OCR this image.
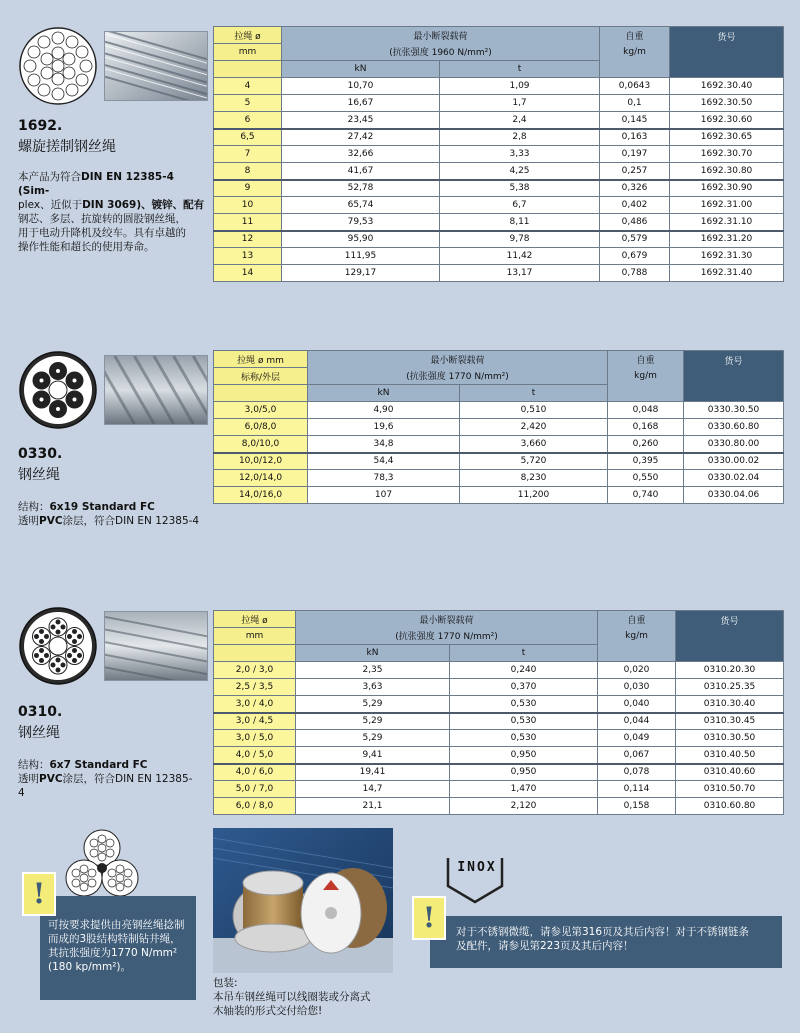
1692.
螺旋搓制钢丝绳
本产品为符合DIN EN 12385-4 (Sim-
plex、近似于DIN 3069)、镀锌、配有
钢芯、多层、抗旋转的圆股钢丝绳，
用于电动升降机及绞车。具有卓越的
操作性能和超长的使用寿命。
拉绳 ø	最小断裂载荷		自重	货号
mm	(抗张强度 1960 N/mm²)		kg/m	
	kN	t		
4	10,70	1,09	0,0643	1692.30.40
5	16,67	1,7	0,1	1692.30.50
6	23,45	2,4	0,145	1692.30.60
6,5	27,42	2,8	0,163	1692.30.65
7	32,66	3,33	0,197	1692.30.70
8	41,67	4,25	0,257	1692.30.80
9	52,78	5,38	0,326	1692.30.90
10	65,74	6,7	0,402	1692.31.00
11	79,53	8,11	0,486	1692.31.10
12	95,90	9,78	0,579	1692.31.20
13	111,95	11,42	0,679	1692.31.30
14	129,17	13,17	0,788	1692.31.40
0330.
钢丝绳
结构：6x19 Standard FC
透明PVC涂层，符合DIN EN 12385-4
拉绳 ø mm	最小断裂载荷		自重	货号
标称/外层	(抗张强度 1770 N/mm²)		kg/m	
	kN	t		
3,0/5,0	4,90	0,510	0,048	0330.30.50
6,0/8,0	19,6	2,420	0,168	0330.60.80
8,0/10,0	34,8	3,660	0,260	0330.80.00
10,0/12,0	54,4	5,720	0,395	0330.00.02
12,0/14,0	78,3	8,230	0,550	0330.02.04
14,0/16,0	107	11,200	0,740	0330.04.06
0310.
钢丝绳
结构：6x7 Standard FC
透明PVC涂层，符合DIN EN 12385-
4
拉绳 ø	最小断裂载荷		自重	货号
mm	(抗张强度 1770 N/mm²)		kg/m	
	kN	t		
2,0 / 3,0	2,35	0,240	0,020	0310.20.30
2,5 / 3,5	3,63	0,370	0,030	0310.25.35
3,0 / 4,0	5,29	0,530	0,040	0310.30.40
3,0 / 4,5	5,29	0,530	0,044	0310.30.45
3,0 / 5,0	5,29	0,530	0,049	0310.30.50
4,0 / 5,0	9,41	0,950	0,067	0310.40.50
4,0 / 6,0	19,41	0,950	0,078	0310.40.60
5,0 / 7,0	14,7	1,470	0,114	0310.50.70
6,0 / 8,0	21,1	2,120	0,158	0310.60.80
可按要求提供由亮钢丝绳捻制
而成的3股结构特制钻井绳，
其抗张强度为1770 N/mm²
(180 kp/mm²)。
!
包装:
本吊车钢丝绳可以线圈装或分离式
木轴装的形式交付给您!
INOX
对于不锈钢微缆，请参见第316页及其后内容！对于不锈钢链条
及配件，请参见第223页及其后内容！
!
